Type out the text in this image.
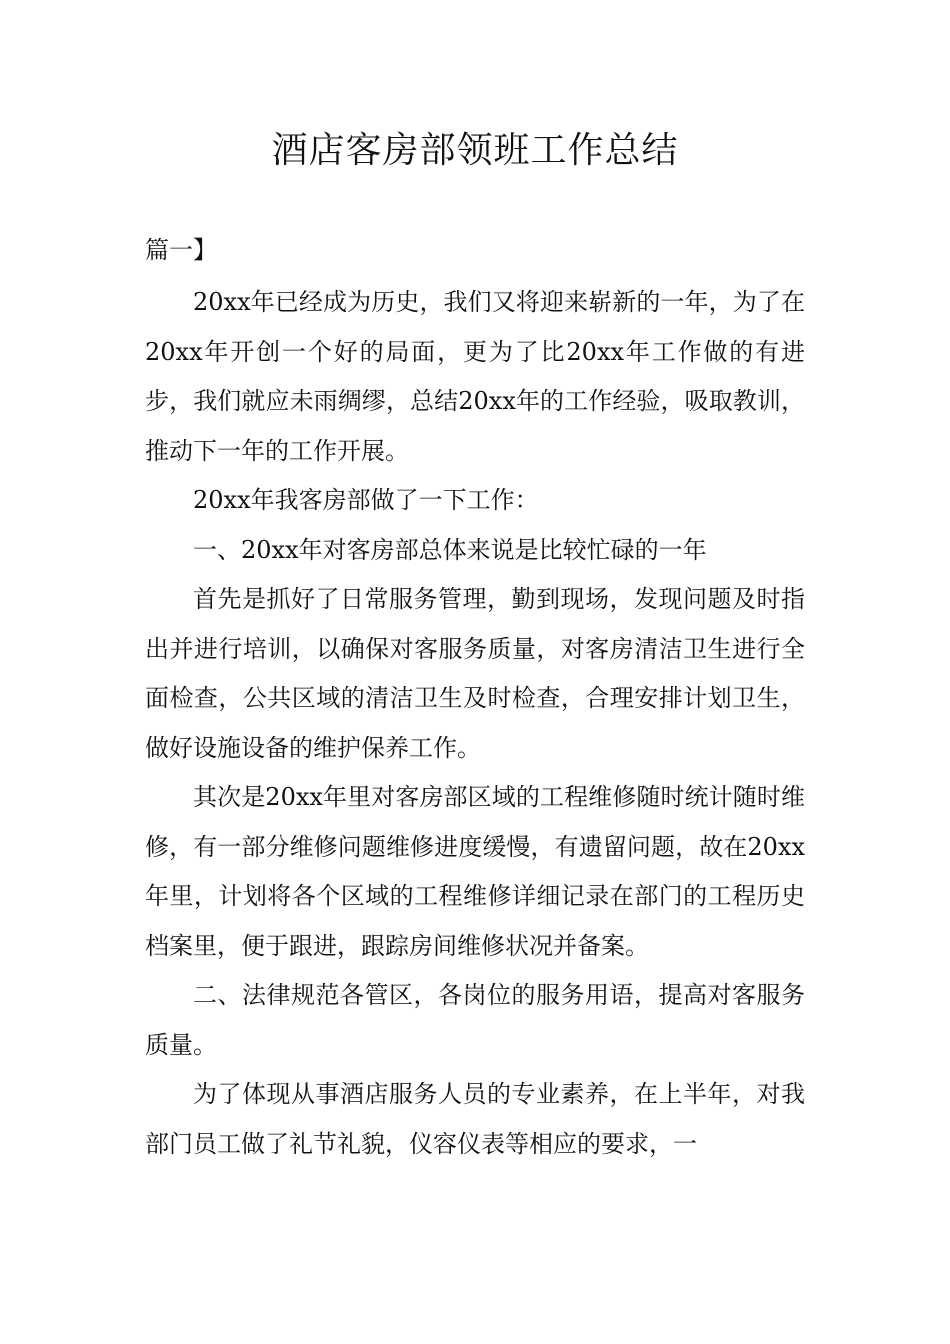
酒店客房部领班工作总结
篇一】

20xx年已经成为历史，我们又将迎来崭新的一年，为了在20xx年开创一个好的局面，更为了比20xx年工作做的有进步，我们就应未雨绸缪，总结20xx年的工作经验，吸取教训，推动下一年的工作开展。

20xx年我客房部做了一下工作：

一、20xx年对客房部总体来说是比较忙碌的一年

首先是抓好了日常服务管理，勤到现场，发现问题及时指出并进行培训，以确保对客服务质量，对客房清洁卫生进行全面检查，公共区域的清洁卫生及时检查，合理安排计划卫生，做好设施设备的维护保养工作。

其次是20xx年里对客房部区域的工程维修随时统计随时维修，有一部分维修问题维修进度缓慢，有遗留问题，故在20xx年里，计划将各个区域的工程维修详细记录在部门的工程历史档案里，便于跟进，跟踪房间维修状况并备案。

二、法律规范各管区，各岗位的服务用语，提高对客服务质量。

为了体现从事酒店服务人员的专业素养，在上半年，对我部门员工做了礼节礼貌，仪容仪表等相应的要求，一
